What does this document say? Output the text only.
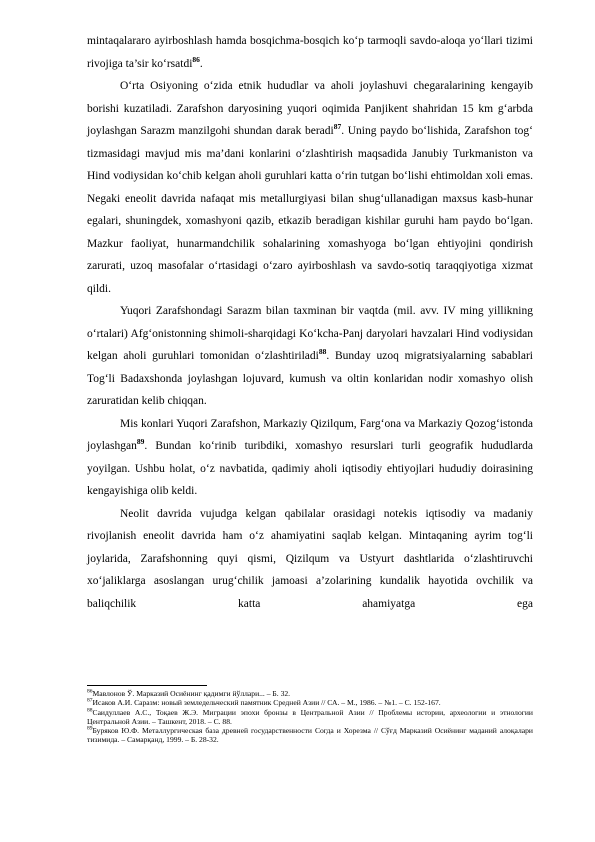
mintaqalararo ayirboshlash hamda bosqichma-bosqich ko‘p tarmoqli savdo-aloqa yo‘llari tizimi rivojiga ta’sir ko‘rsatdi$^{86}$.

O‘rta Osiyoning o‘zida etnik hududlar va aholi joylashuvi chegaralarining kengayib borishi kuzatiladi. Zarafshon daryosining yuqori oqimida Panjikent shahridan 15 km g‘arbda joylashgan Sarazm manzilgohi shundan darak beradi$^{87}$. Uning paydo bo‘lishida, Zarafshon tog‘ tizmasidagi mavjud mis ma’dani konlarini o‘zlashtirish maqsadida Janubiy Turkmaniston va Hind vodiysidan ko‘chib kelgan aholi guruhlari katta o‘rin tutgan bo‘lishi ehtimoldan xoli emas. Negaki eneolit davrida nafaqat mis metallurgiyasi bilan shug‘ullanadigan maxsus kasb-hunar egalari, shuningdek, xomashyoni qazib, etkazib beradigan kishilar guruhi ham paydo bo‘lgan. Mazkur faoliyat, hunarmandchilik sohalarining xomashyoga bo‘lgan ehtiyojini qondirish zarurati, uzoq masofalar o‘rtasidagi o‘zaro ayirboshlash va savdo-sotiq taraqqiyotiga xizmat qildi.

Yuqori Zarafshondagi Sarazm bilan taxminan bir vaqtda (mil. avv. IV ming yillikning o‘rtalari) Afg‘onistonning shimoli-sharqidagi Ko‘kcha-Panj daryolari havzalari Hind vodiysidan kelgan aholi guruhlari tomonidan o‘zlashtiriladi$^{88}$. Bunday uzoq migratsiyalarning sabablari Tog‘li Badaxshonda joylashgan lojuvard, kumush va oltin konlaridan nodir xomashyo olish zaruratidan kelib chiqqan.

Mis konlari Yuqori Zarafshon, Markaziy Qizilqum, Farg‘ona va Markaziy Qozog‘istonda joylashgan$^{89}$. Bundan ko‘rinib turibdiki, xomashyo resurslari turli geografik hududlarda yoyilgan. Ushbu holat, o‘z navbatida, qadimiy aholi iqtisodiy ehtiyojlari hududiy doirasining kengayishiga olib keldi.

Neolit davrida vujudga kelgan qabilalar orasidagi notekis iqtisodiy va madaniy rivojlanish eneolit davrida ham o‘z ahamiyatini saqlab kelgan. Mintaqaning ayrim tog‘li joylarida, Zarafshonning quyi qismi, Qizilqum va Ustyurt dashtlarida o‘zlashtiruvchi xo‘jaliklarga asoslangan urug‘chilik jamoasi a’zolarining kundalik hayotida ovchilik va baliqchilik katta ahamiyatga ega

$^{86}$Мавлонов Ў. Марказий Осиёнинг қадимги йўллари... – Б. 32.

$^{87}$Исаков А.И. Саразм: новый земледельческий памятник Средней Азии // СА. – М., 1986. – №1. – С. 152-167.

$^{88}$Саидуллаев А.С., Тоқаев Ж.Э. Миграции эпохи бронзы в Центральной Азии // Проблемы истории, археологии и этнологии Центральной Азии. – Ташкент, 2018. – С. 88.

$^{89}$Буряков Ю.Ф. Металлургическая база древней государственности Согда и Хорезма // Сўғд Марказий Осиёнинг маданий алоқалари тизимида. – Самарқанд, 1999. – Б. 28-32.
